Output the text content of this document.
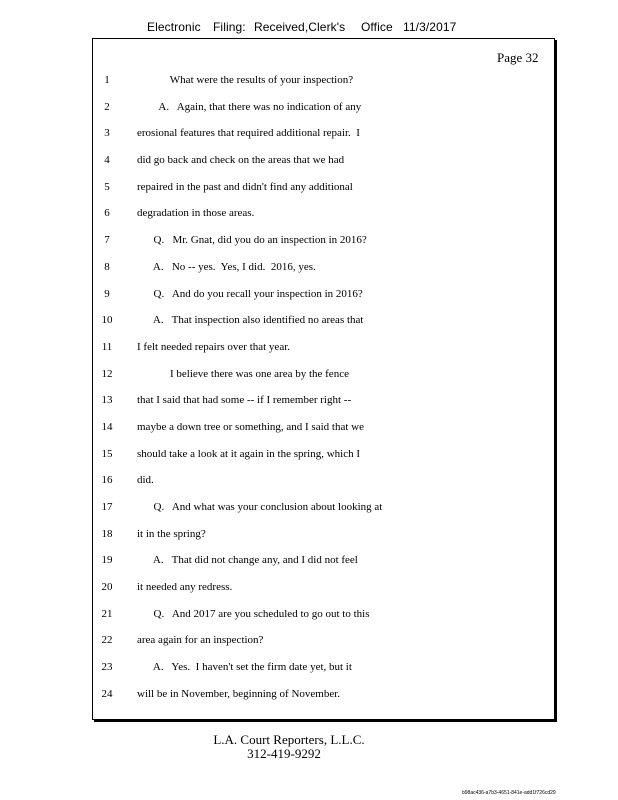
Electronic Filing: Received,Clerk's Office 11/3/2017
Page 32
1	What were the results of your inspection?
2	A.   Again, that there was no indication of any
3	erosional features that required additional repair.  I
4	did go back and check on the areas that we had
5	repaired in the past and didn't find any additional
6	degradation in those areas.
7	Q.   Mr. Gnat, did you do an inspection in 2016?
8	A.   No -- yes.  Yes, I did.  2016, yes.
9	Q.   And do you recall your inspection in 2016?
10	A.   That inspection also identified no areas that
11	I felt needed repairs over that year.
12	I believe there was one area by the fence
13	that I said that had some -- if I remember right --
14	maybe a down tree or something, and I said that we
15	should take a look at it again in the spring, which I
16	did.
17	Q.   And what was your conclusion about looking at
18	it in the spring?
19	A.   That did not change any, and I did not feel
20	it needed any redress.
21	Q.   And 2017 are you scheduled to go out to this
22	area again for an inspection?
23	A.   Yes.  I haven't set the firm date yet, but it
24	will be in November, beginning of November.
L.A. Court Reporters, L.L.C.
312-419-9292
b98ac436-a7b3-4651-841e-add1f726cd29
